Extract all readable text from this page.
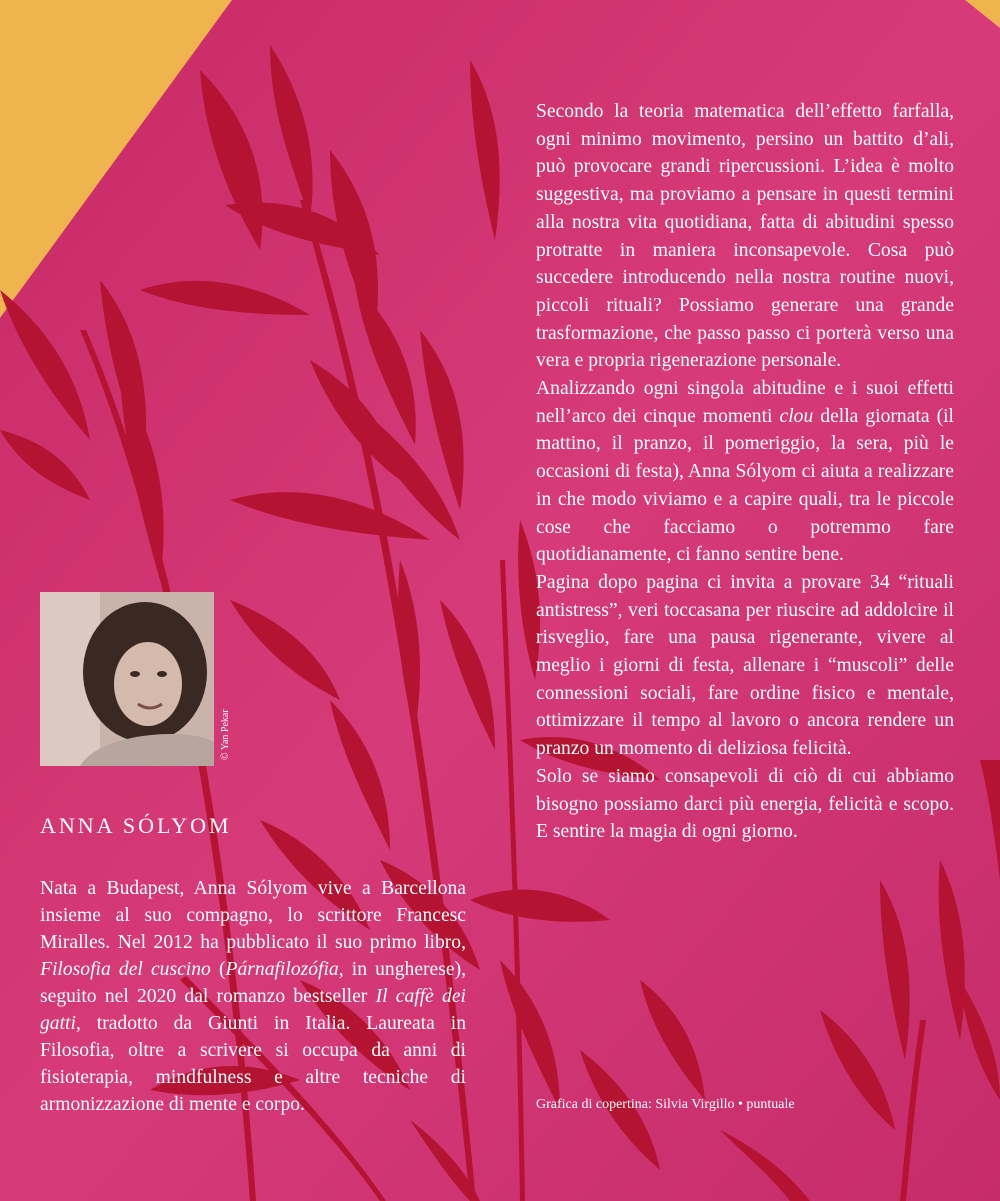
© Yan Pekar
ANNA SÓLYOM

Nata a Budapest, Anna Sólyom vive a Barcellona insieme al suo compagno, lo scrittore Francesc Miralles. Nel 2012 ha pubblicato il suo primo libro, Filosofia del cuscino (Párnafilozófia, in ungherese), seguito nel 2020 dal romanzo bestseller Il caffè dei gatti, tradotto da Giunti in Italia. Laureata in Filosofia, oltre a scrivere si occupa da anni di fisioterapia, mindfulness e altre tecniche di armonizzazione di mente e corpo.

Secondo la teoria matematica dell’effetto farfalla, ogni minimo movimento, persino un battito d’ali, può provocare grandi ripercussioni. L’idea è molto suggestiva, ma proviamo a pensare in questi termini alla nostra vita quotidiana, fatta di abitudini spesso protratte in maniera inconsapevole. Cosa può succedere introducendo nella nostra routine nuovi, piccoli rituali? Possiamo generare una grande trasformazione, che passo passo ci porterà verso una vera e propria rigenerazione personale.

Analizzando ogni singola abitudine e i suoi effetti nell’arco dei cinque momenti clou della giornata (il mattino, il pranzo, il pomeriggio, la sera, più le occasioni di festa), Anna Sólyom ci aiuta a realizzare in che modo viviamo e a capire quali, tra le piccole cose che facciamo o potremmo fare quotidianamente, ci fanno sentire bene.

Pagina dopo pagina ci invita a provare 34 “rituali antistress”, veri toccasana per riuscire ad addolcire il risveglio, fare una pausa rigenerante, vivere al meglio i giorni di festa, allenare i “muscoli” delle connessioni sociali, fare ordine fisico e mentale, ottimizzare il tempo al lavoro o ancora rendere un pranzo un momento di deliziosa felicità.

Solo se siamo consapevoli di ciò di cui abbiamo bisogno possiamo darci più energia, felicità e scopo. E sentire la magia di ogni giorno.

Grafica di copertina: Silvia Virgillo • puntuale
